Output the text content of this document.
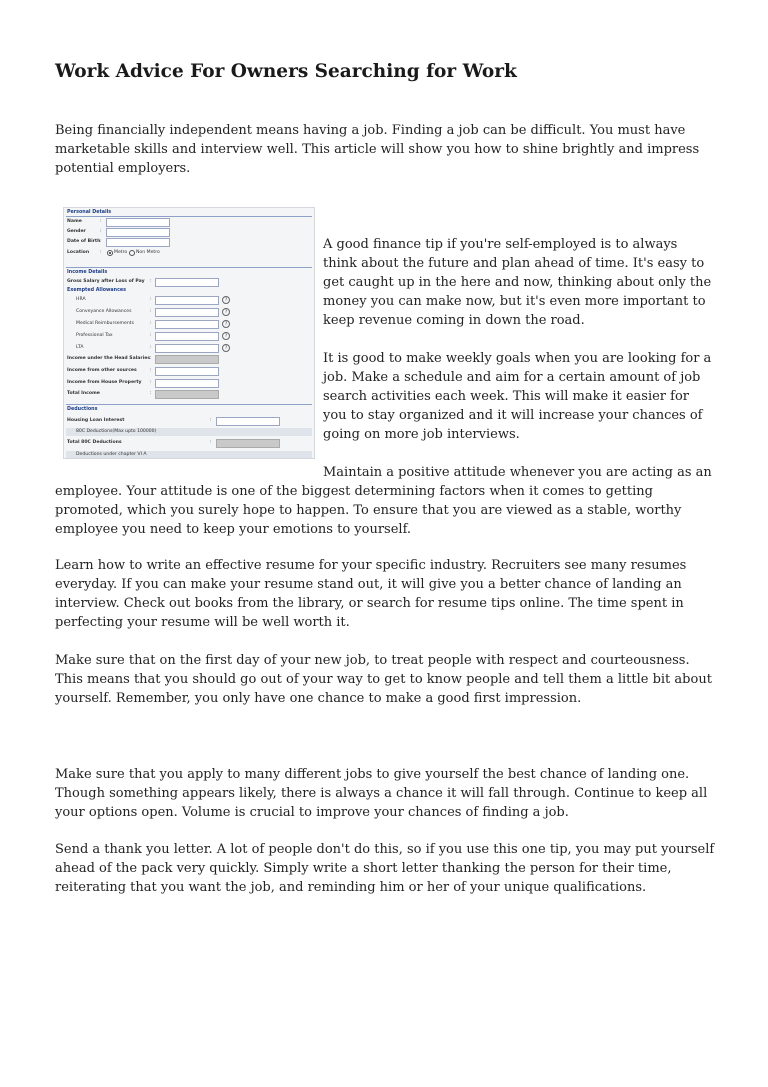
Work Advice For Owners Searching for Work

Being financially independent means having a job. Finding a job can be difficult. You must have marketable skills and interview well. This article will show you how to shine brightly and impress potential employers.

Personal Details
Name	:
Gender	:
Date of Birth :
Location :	Metro Non Metro
Income Details
Gross Salary after Loss of Pay :
Exempted Allowances
HRA	:	?
Conveyance Allowances	:	?
Medical Reimbursements	:	?
Professional Tax	:	?
LTA	:	?
Income under the Head Salaries :
Income from other sources	:
Income from House Property :
Total Income	:
Deductions
Housing Loan Interest	:
80C Deductions(Max upto 100000)
Total 80C Deductions	:
Deductions under chapter VI A

A good finance tip if you're self-employed is to always think about the future and plan ahead of time. It's easy to get caught up in the here and now, thinking about only the money you can make now, but it's even more important to keep revenue coming in down the road.

It is good to make weekly goals when you are looking for a job. Make a schedule and aim for a certain amount of job search activities each week. This will make it easier for you to stay organized and it will increase your chances of going on more job interviews.

Maintain a positive attitude whenever you are acting as an

employee. Your attitude is one of the biggest determining factors when it comes to getting promoted, which you surely hope to happen. To ensure that you are viewed as a stable, worthy employee you need to keep your emotions to yourself.

Learn how to write an effective resume for your specific industry. Recruiters see many resumes everyday. If you can make your resume stand out, it will give you a better chance of landing an interview. Check out books from the library, or search for resume tips online. The time spent in perfecting your resume will be well worth it.

Make sure that on the first day of your new job, to treat people with respect and courteousness. This means that you should go out of your way to get to know people and tell them a little bit about yourself. Remember, you only have one chance to make a good first impression.

Make sure that you apply to many different jobs to give yourself the best chance of landing one. Though something appears likely, there is always a chance it will fall through. Continue to keep all your options open. Volume is crucial to improve your chances of finding a job.

Send a thank you letter. A lot of people don't do this, so if you use this one tip, you may put yourself ahead of the pack very quickly. Simply write a short letter thanking the person for their time, reiterating that you want the job, and reminding him or her of your unique qualifications.
